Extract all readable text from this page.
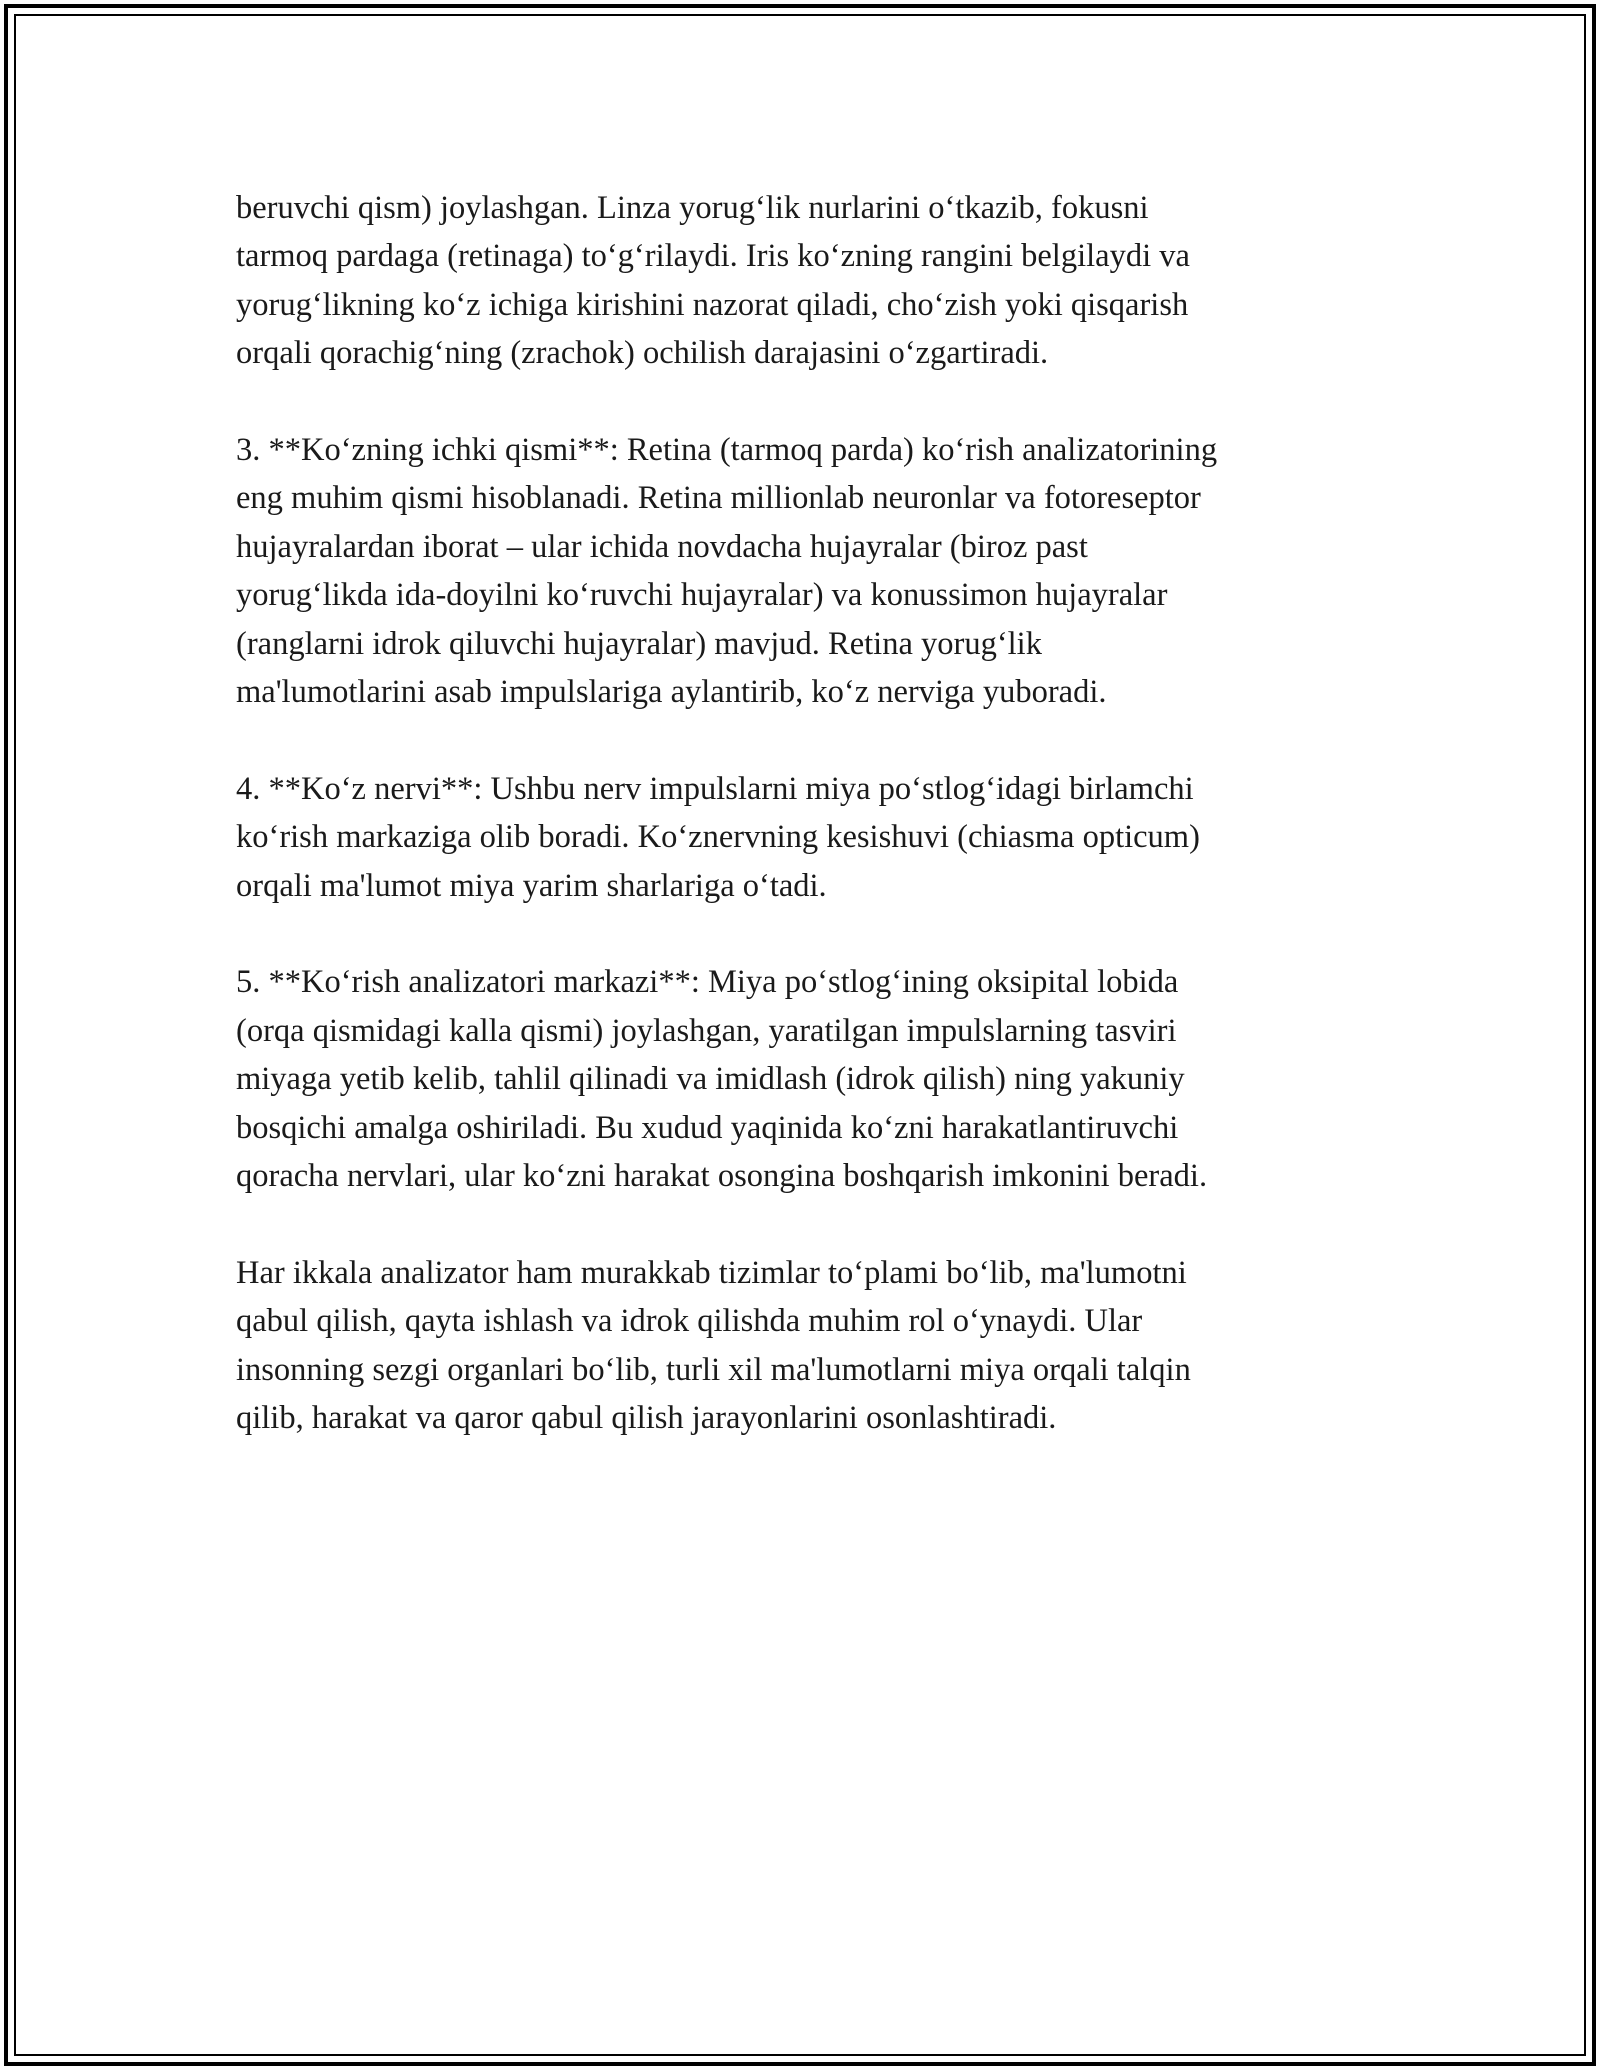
beruvchi qism) joylashgan. Linza yorug‘lik nurlarini o‘tkazib, fokusni
tarmoq pardaga (retinaga) to‘g‘rilaydi. Iris ko‘zning rangini belgilaydi va
yorug‘likning ko‘z ichiga kirishini nazorat qiladi, cho‘zish yoki qisqarish
orqali qorachig‘ning (zrachok) ochilish darajasini o‘zgartiradi.

3. **Ko‘zning ichki qismi**: Retina (tarmoq parda) ko‘rish analizatorining
eng muhim qismi hisoblanadi. Retina millionlab neuronlar va fotoreseptor
hujayralardan iborat – ular ichida novdacha hujayralar (biroz past
yorug‘likda ida-doyilni ko‘ruvchi hujayralar) va konussimon hujayralar
(ranglarni idrok qiluvchi hujayralar) mavjud. Retina yorug‘lik
ma'lumotlarini asab impulslariga aylantirib, ko‘z nerviga yuboradi.

4. **Ko‘z nervi**: Ushbu nerv impulslarni miya po‘stlog‘idagi birlamchi
ko‘rish markaziga olib boradi. Ko‘znervning kesishuvi (chiasma opticum)
orqali ma'lumot miya yarim sharlariga o‘tadi.

5. **Ko‘rish analizatori markazi**: Miya po‘stlog‘ining oksipital lobida
(orqa qismidagi kalla qismi) joylashgan, yaratilgan impulslarning tasviri
miyaga yetib kelib, tahlil qilinadi va imidlash (idrok qilish) ning yakuniy
bosqichi amalga oshiriladi. Bu xudud yaqinida ko‘zni harakatlantiruvchi
qoracha nervlari, ular ko‘zni harakat osongina boshqarish imkonini beradi.

Har ikkala analizator ham murakkab tizimlar to‘plami bo‘lib, ma'lumotni
qabul qilish, qayta ishlash va idrok qilishda muhim rol o‘ynaydi. Ular
insonning sezgi organlari bo‘lib, turli xil ma'lumotlarni miya orqali talqin
qilib, harakat va qaror qabul qilish jarayonlarini osonlashtiradi.
